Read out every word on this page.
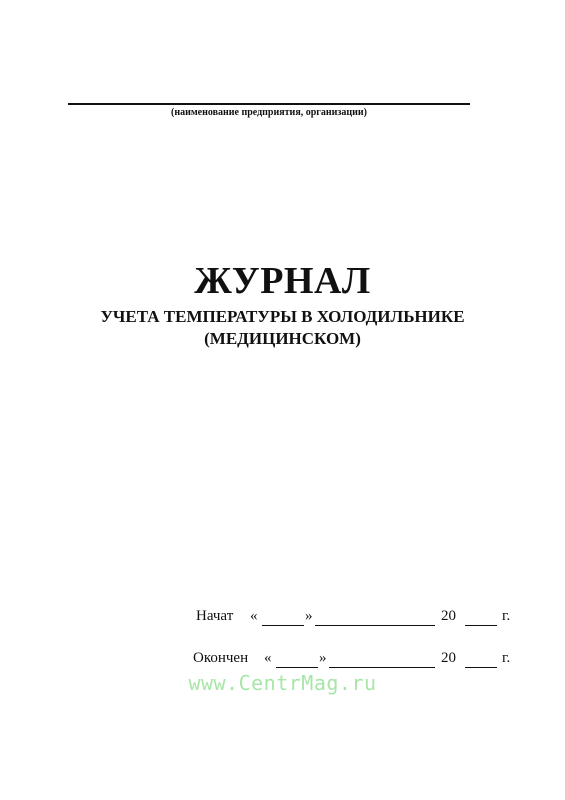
(наименование предприятия, организации)
ЖУРНАЛ
УЧЕТА ТЕМПЕРАТУРЫ В ХОЛОДИЛЬНИКЕ
(МЕДИЦИНСКОМ)
Начат «	»	20	г.
Окончен «	»	20	г.
www.CentrMag.ru
